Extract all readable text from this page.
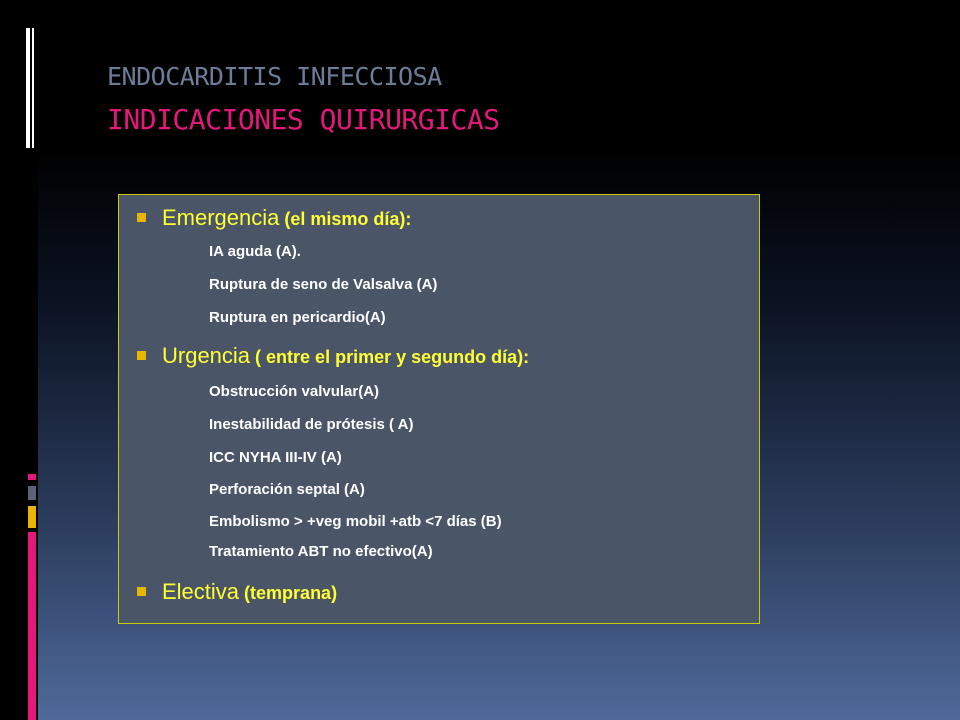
ENDOCARDITIS INFECCIOSA
INDICACIONES QUIRURGICAS
Emergencia (el mismo día):
IA aguda (A).
Ruptura de seno de Valsalva (A)
Ruptura en pericardio(A)
Urgencia ( entre el primer y segundo día):
Obstrucción valvular(A)
Inestabilidad de prótesis ( A)
ICC NYHA III-IV (A)
Perforación septal (A)
Embolismo > +veg mobil +atb <7 días (B)
Tratamiento ABT no efectivo(A)
Electiva (temprana)
